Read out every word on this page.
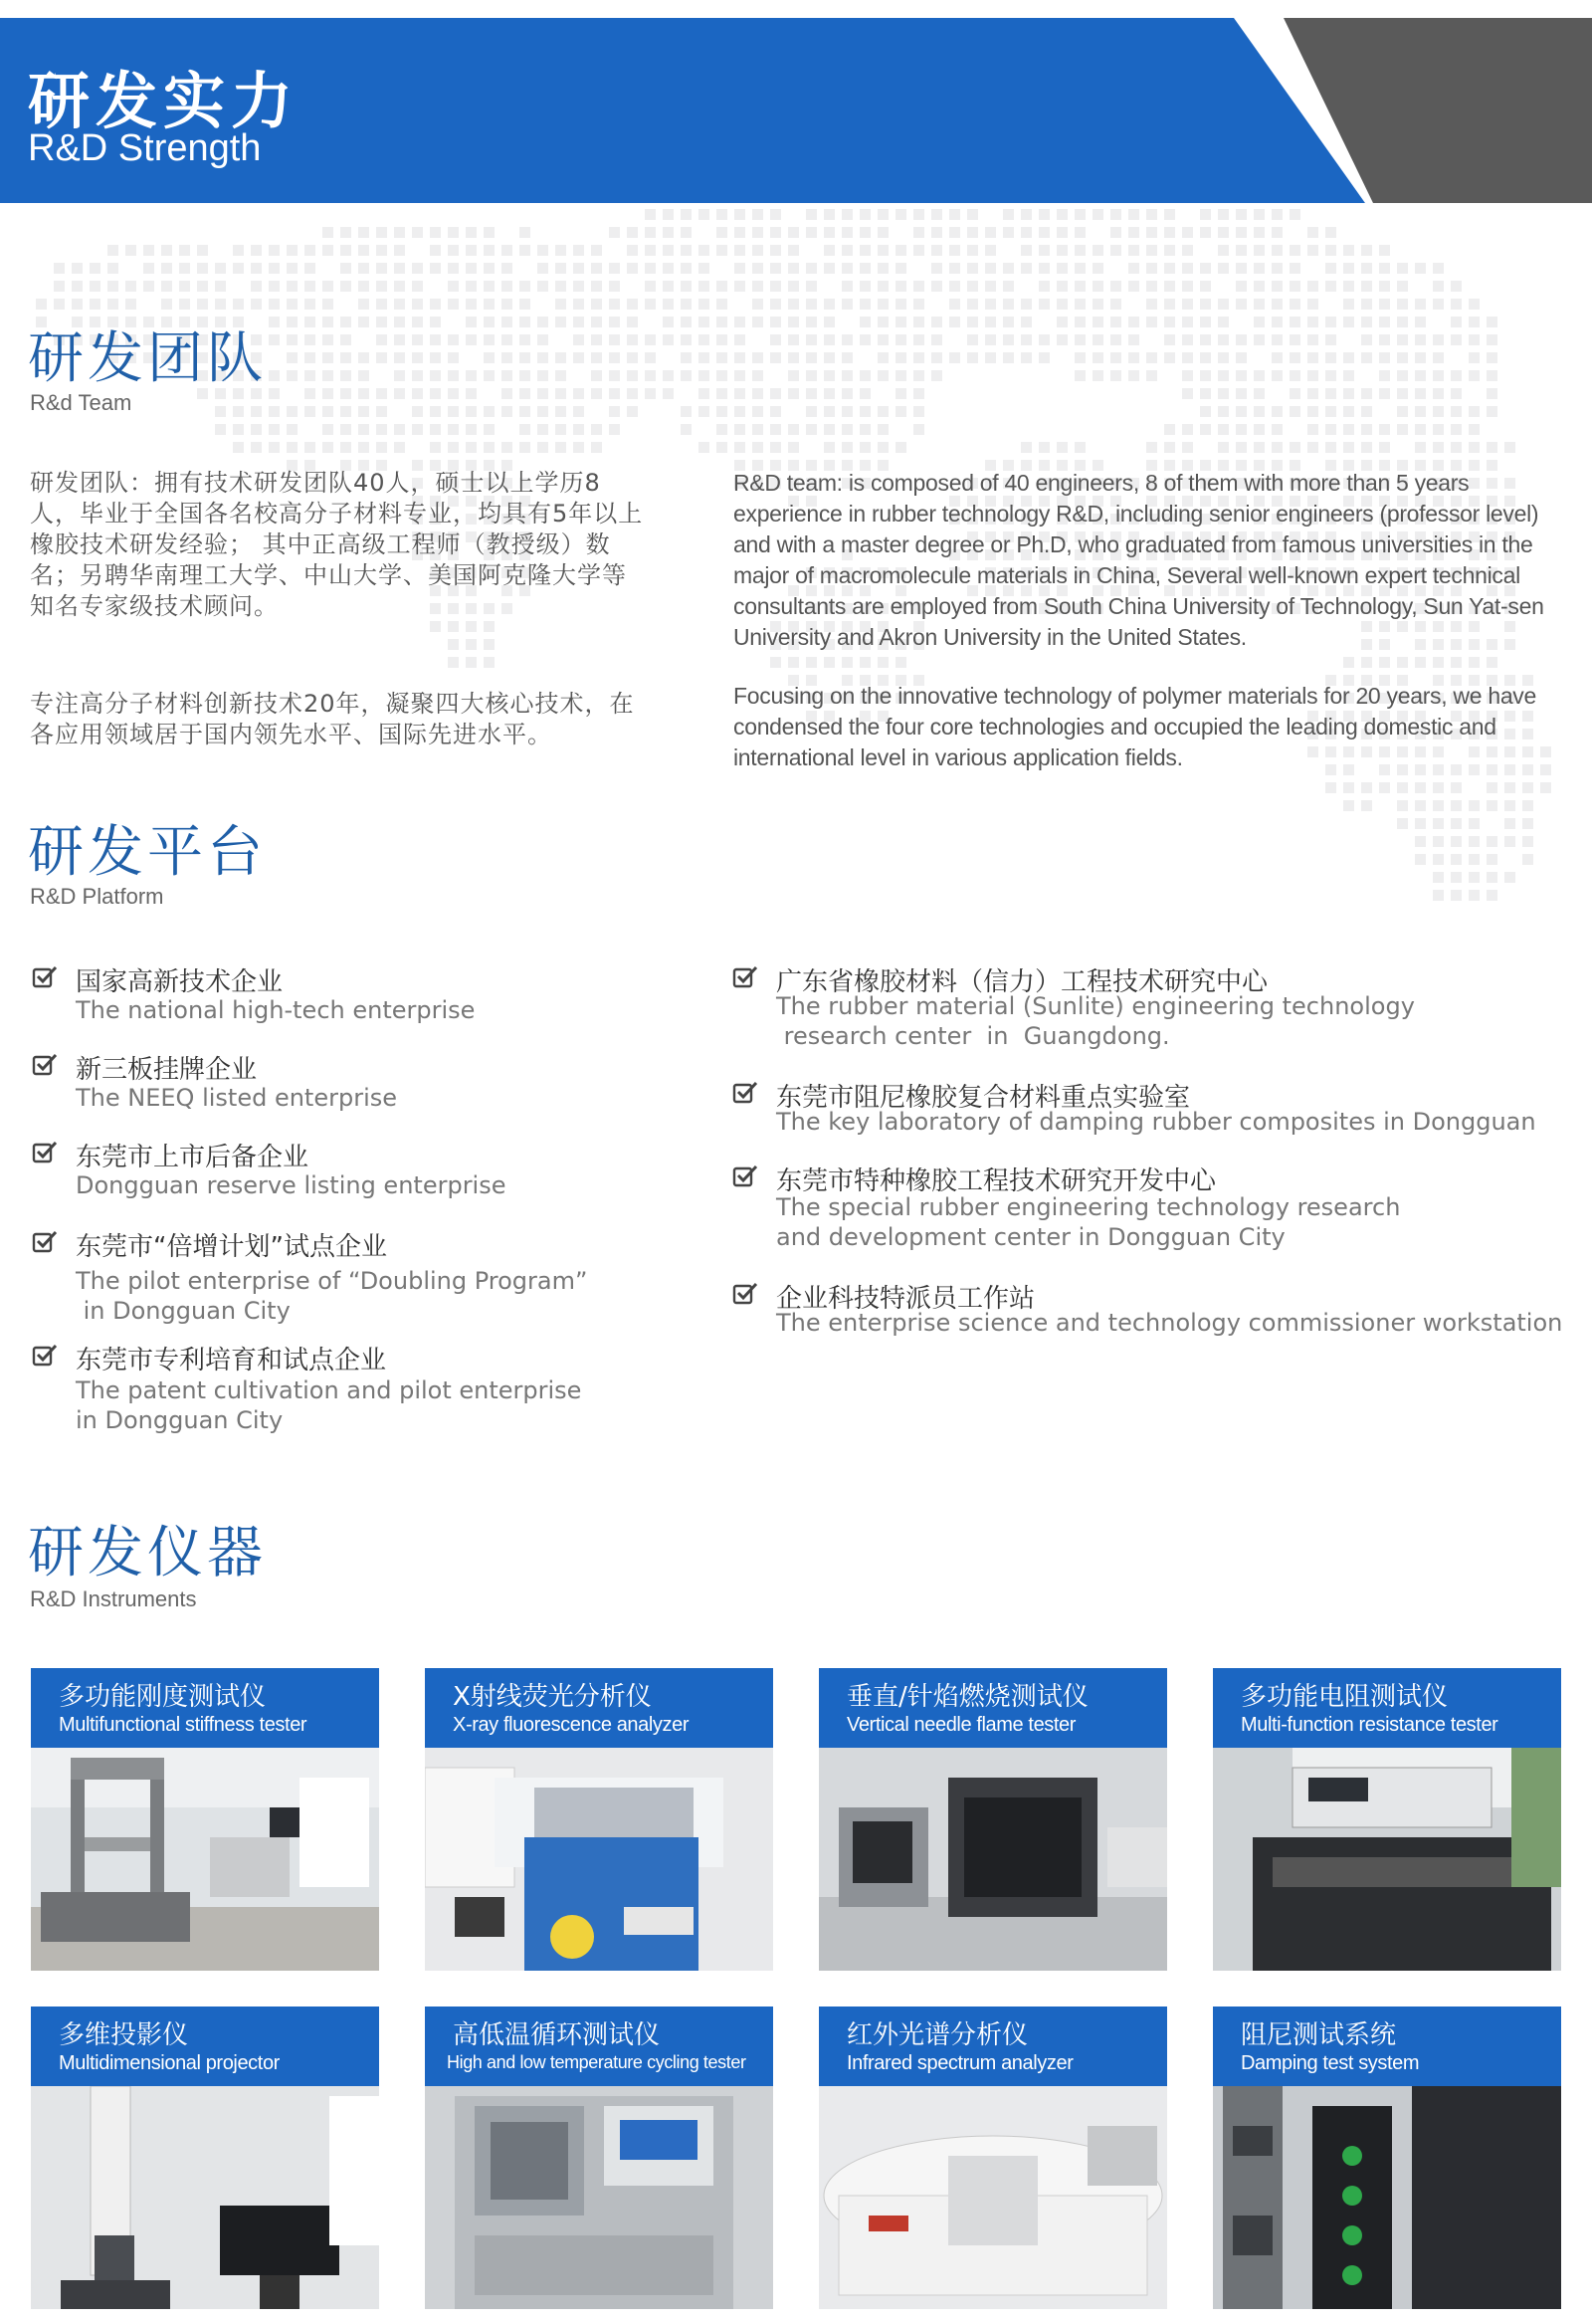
研发实力
R&D Strength
研发团队
R&d Team
研发团队：拥有技术研发团队40人，硕士以上学历8
人，毕业于全国各名校高分子材料专业，均具有5年以上
橡胶技术研发经验； 其中正高级工程师（教授级）数
名；另聘华南理工大学、中山大学、美国阿克隆大学等
知名专家级技术顾问。
专注高分子材料创新技术20年，凝聚四大核心技术，在
各应用领域居于国内领先水平、国际先进水平。
R&D team: is composed of 40 engineers, 8 of them with more than 5 years
experience in rubber technology R&D, including senior engineers (professor level)
and with a master degree or Ph.D, who graduated from famous universities in the
major of macromolecule materials in China, Several well-known expert technical
consultants are employed from South China University of Technology, Sun Yat-sen
University and Akron University in the United States.
Focusing on the innovative technology of polymer materials for 20 years, we have
condensed the four core technologies and occupied the leading domestic and
international level in various application fields.
研发平台
R&D Platform
国家高新技术企业
The national high-tech enterprise
新三板挂牌企业
The NEEQ listed enterprise
东莞市上市后备企业
Dongguan reserve listing enterprise
东莞市“倍增计划”试点企业
The pilot enterprise of “Doubling Program”
in Dongguan City
东莞市专利培育和试点企业
The patent cultivation and pilot enterprise
in Dongguan City
广东省橡胶材料（信力）工程技术研究中心
The rubber material (Sunlite) engineering technology
research center  in  Guangdong.
东莞市阻尼橡胶复合材料重点实验室
The key laboratory of damping rubber composites in Dongguan
东莞市特种橡胶工程技术研究开发中心
The special rubber engineering technology research
and development center in Dongguan City
企业科技特派员工作站
The enterprise science and technology commissioner workstation
研发仪器
R&D Instruments
多功能刚度测试仪
Multifunctional stiffness tester
X射线荧光分析仪
X-ray fluorescence analyzer
垂直/针焰燃烧测试仪
Vertical needle flame tester
多功能电阻测试仪
Multi-function resistance tester
多维投影仪
Multidimensional projector
高低温循环测试仪
High and low temperature cycling tester
红外光谱分析仪
Infrared spectrum analyzer
阻尼测试系统
Damping test system
